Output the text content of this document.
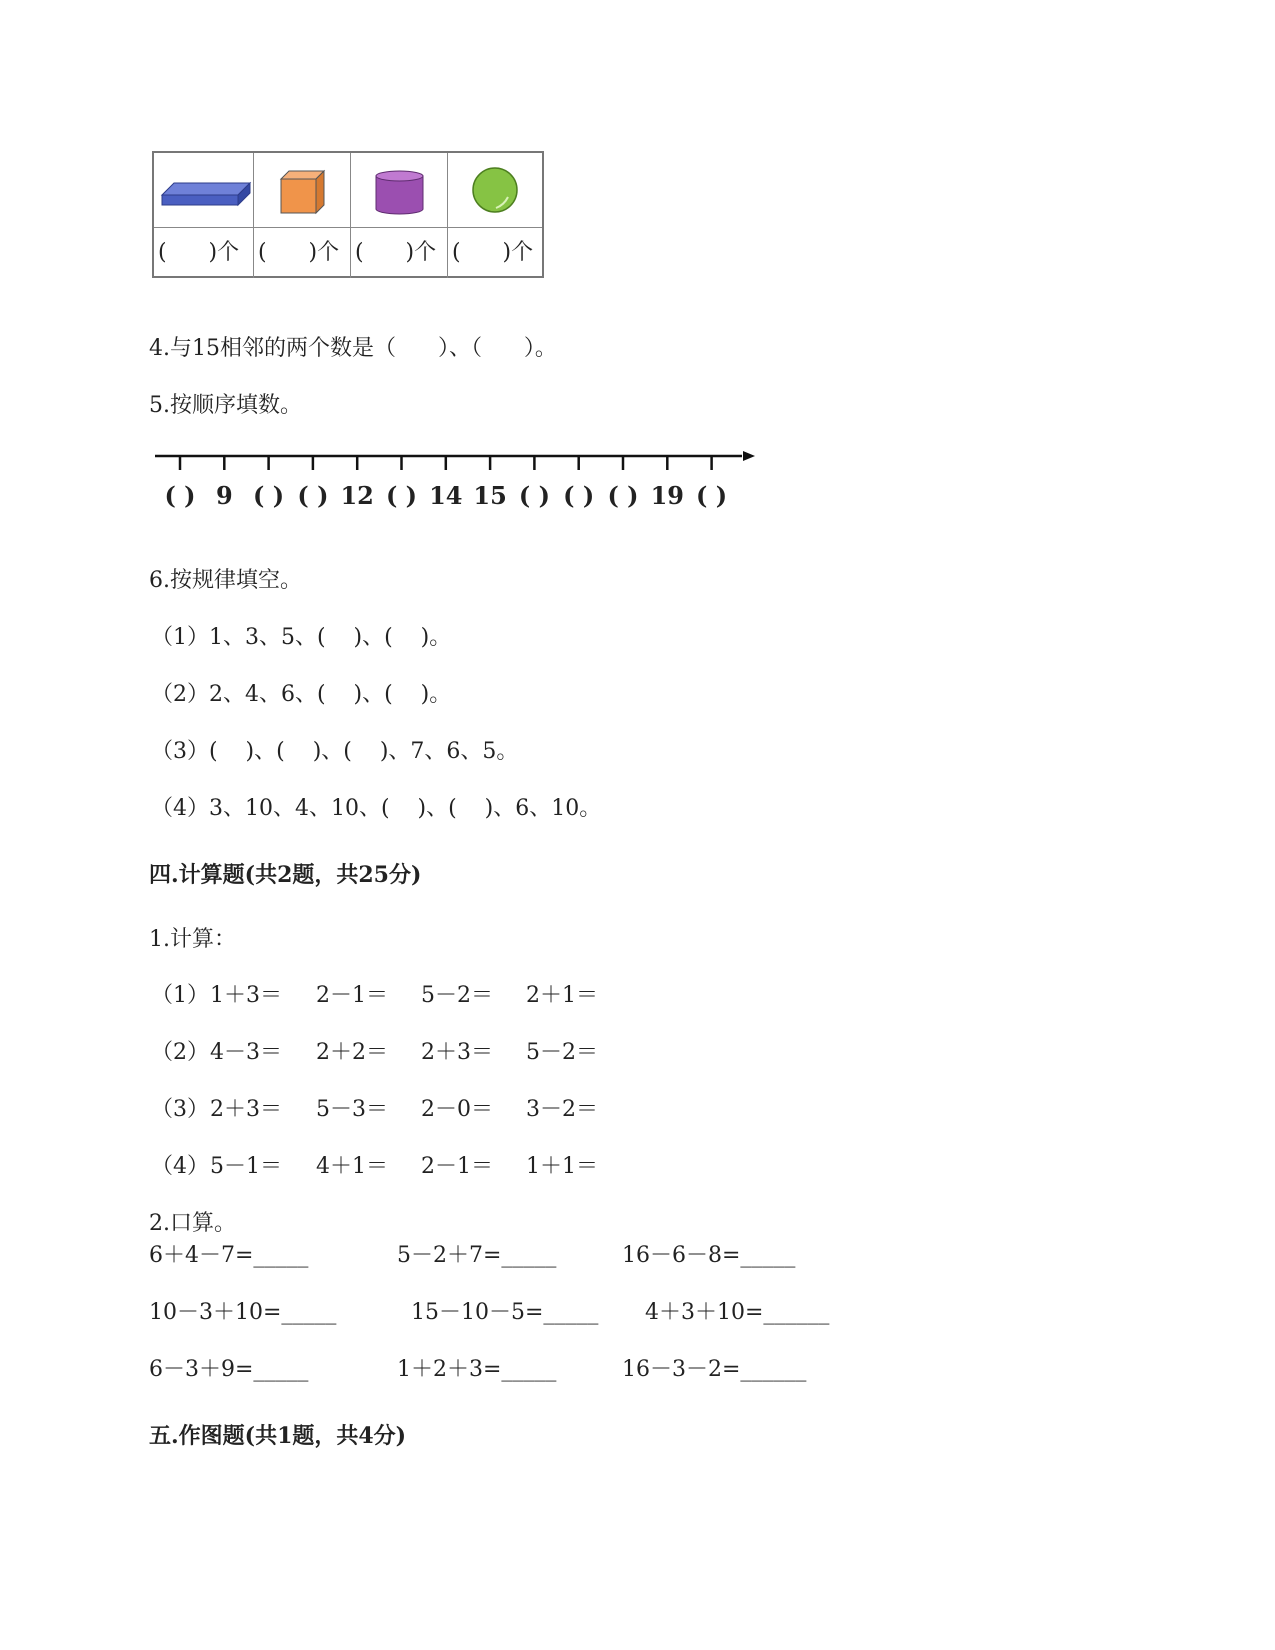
(      )个 (      )个 (      )个 (      )个
4.与15相邻的两个数是（      ）、（      ）。
5.按顺序填数。
( ) 9 ( ) ( ) 12 ( ) 14 15 ( ) ( ) ( ) 19 ( )
6.按规律填空。
（1）1、3、5、(    )、(    )。
（2）2、4、6、(    )、(    )。
（3）(    )、(    )、(    )、7、6、5。
（4）3、10、4、10、(    )、(    )、6、10。
四.计算题(共2题，共25分)
1.计算：
（1） 1＋3＝ 2－1＝ 5－2＝ 2＋1＝
（2） 4－3＝ 2＋2＝ 2＋3＝ 5－2＝
（3） 2＋3＝ 5－3＝ 2－0＝ 3－2＝
（4） 5－1＝ 4＋1＝ 2－1＝ 1＋1＝
2.口算。
6＋4－7=_____	5－2＋7=_____	16－6－8=_____
10－3＋10=_____	15－10－5=_____ 4＋3＋10=______
6－3＋9=_____	1＋2＋3=_____	16－3－2=______
五.作图题(共1题，共4分)
